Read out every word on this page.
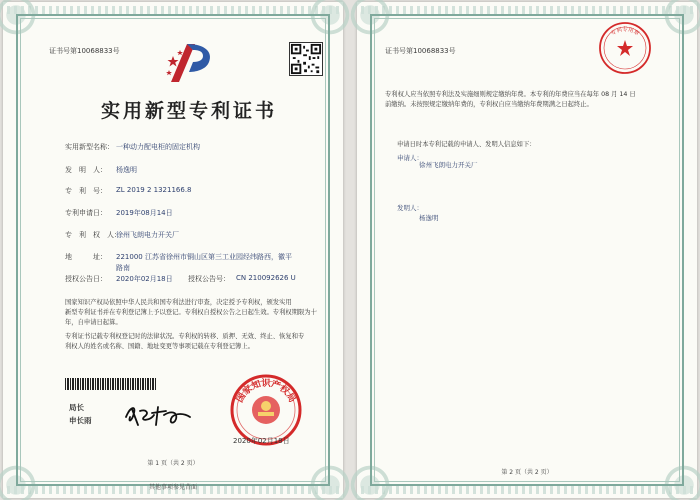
证书号第10068833号
实用新型专利证书
实用新型名称： 一种动力配电柜的固定机构
发　明　人： 杨逸明
专　利　号： ZL 2019 2 1321166.8
专利申请日： 2019年08月14日
专　利　权　人：
徐州飞朗电力开关厂
地　　　址： 221000 江苏省徐州市铜山区第三工业园经纬路西，徽平
路南
授权公告日： 2020年02月18日 授权公告号： CN 210092626 U
国家知识产权局依照中华人民共和国专利法进行审查，决定授予专利权，颁发实用
新型专利证书并在专利登记簿上予以登记。专利权自授权公告之日起生效。专利权期限为十
年，自申请日起算。
专利证书记载专利权登记时的法律状况。专利权的转移、质押、无效、终止、恢复和专
利权人的姓名或名称、国籍、地址变更等事项记载在专利登记簿上。
局长
申长雨
国家知识产权局
2020年02月18日
第 1 页（共 2 页）
其他事项参见背面
证书号第10068833号
专利专用章
专利权人应当依照专利法及实施细则规定缴纳年费。本专利的年费应当在每年 08 月 14 日
前缴纳。未按照规定缴纳年费的，专利权自应当缴纳年费期满之日起终止。
申请日时本专利记载的申请人、发明人信息如下：
申请人：
徐州飞朗电力开关厂
发明人：
杨逸明
第 2 页（共 2 页）
